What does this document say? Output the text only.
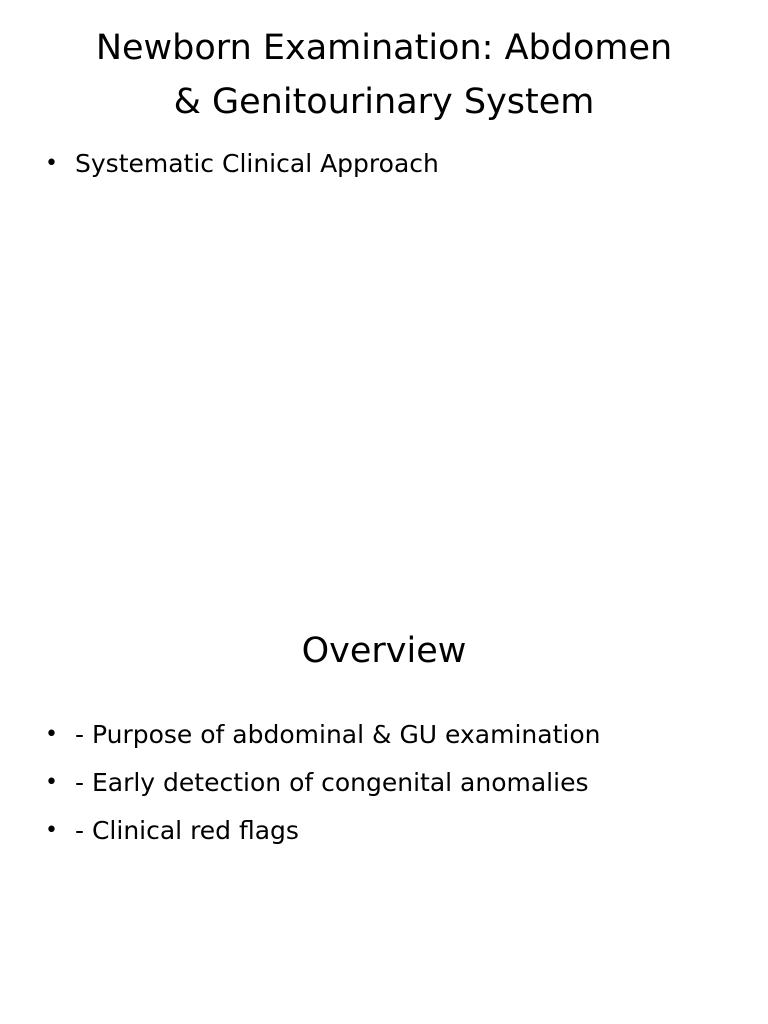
Newborn Examination: Abdomen
& Genitourinary System
• Systematic Clinical Approach
Overview
• - Purpose of abdominal & GU examination
• - Early detection of congenital anomalies
• - Clinical red flags
